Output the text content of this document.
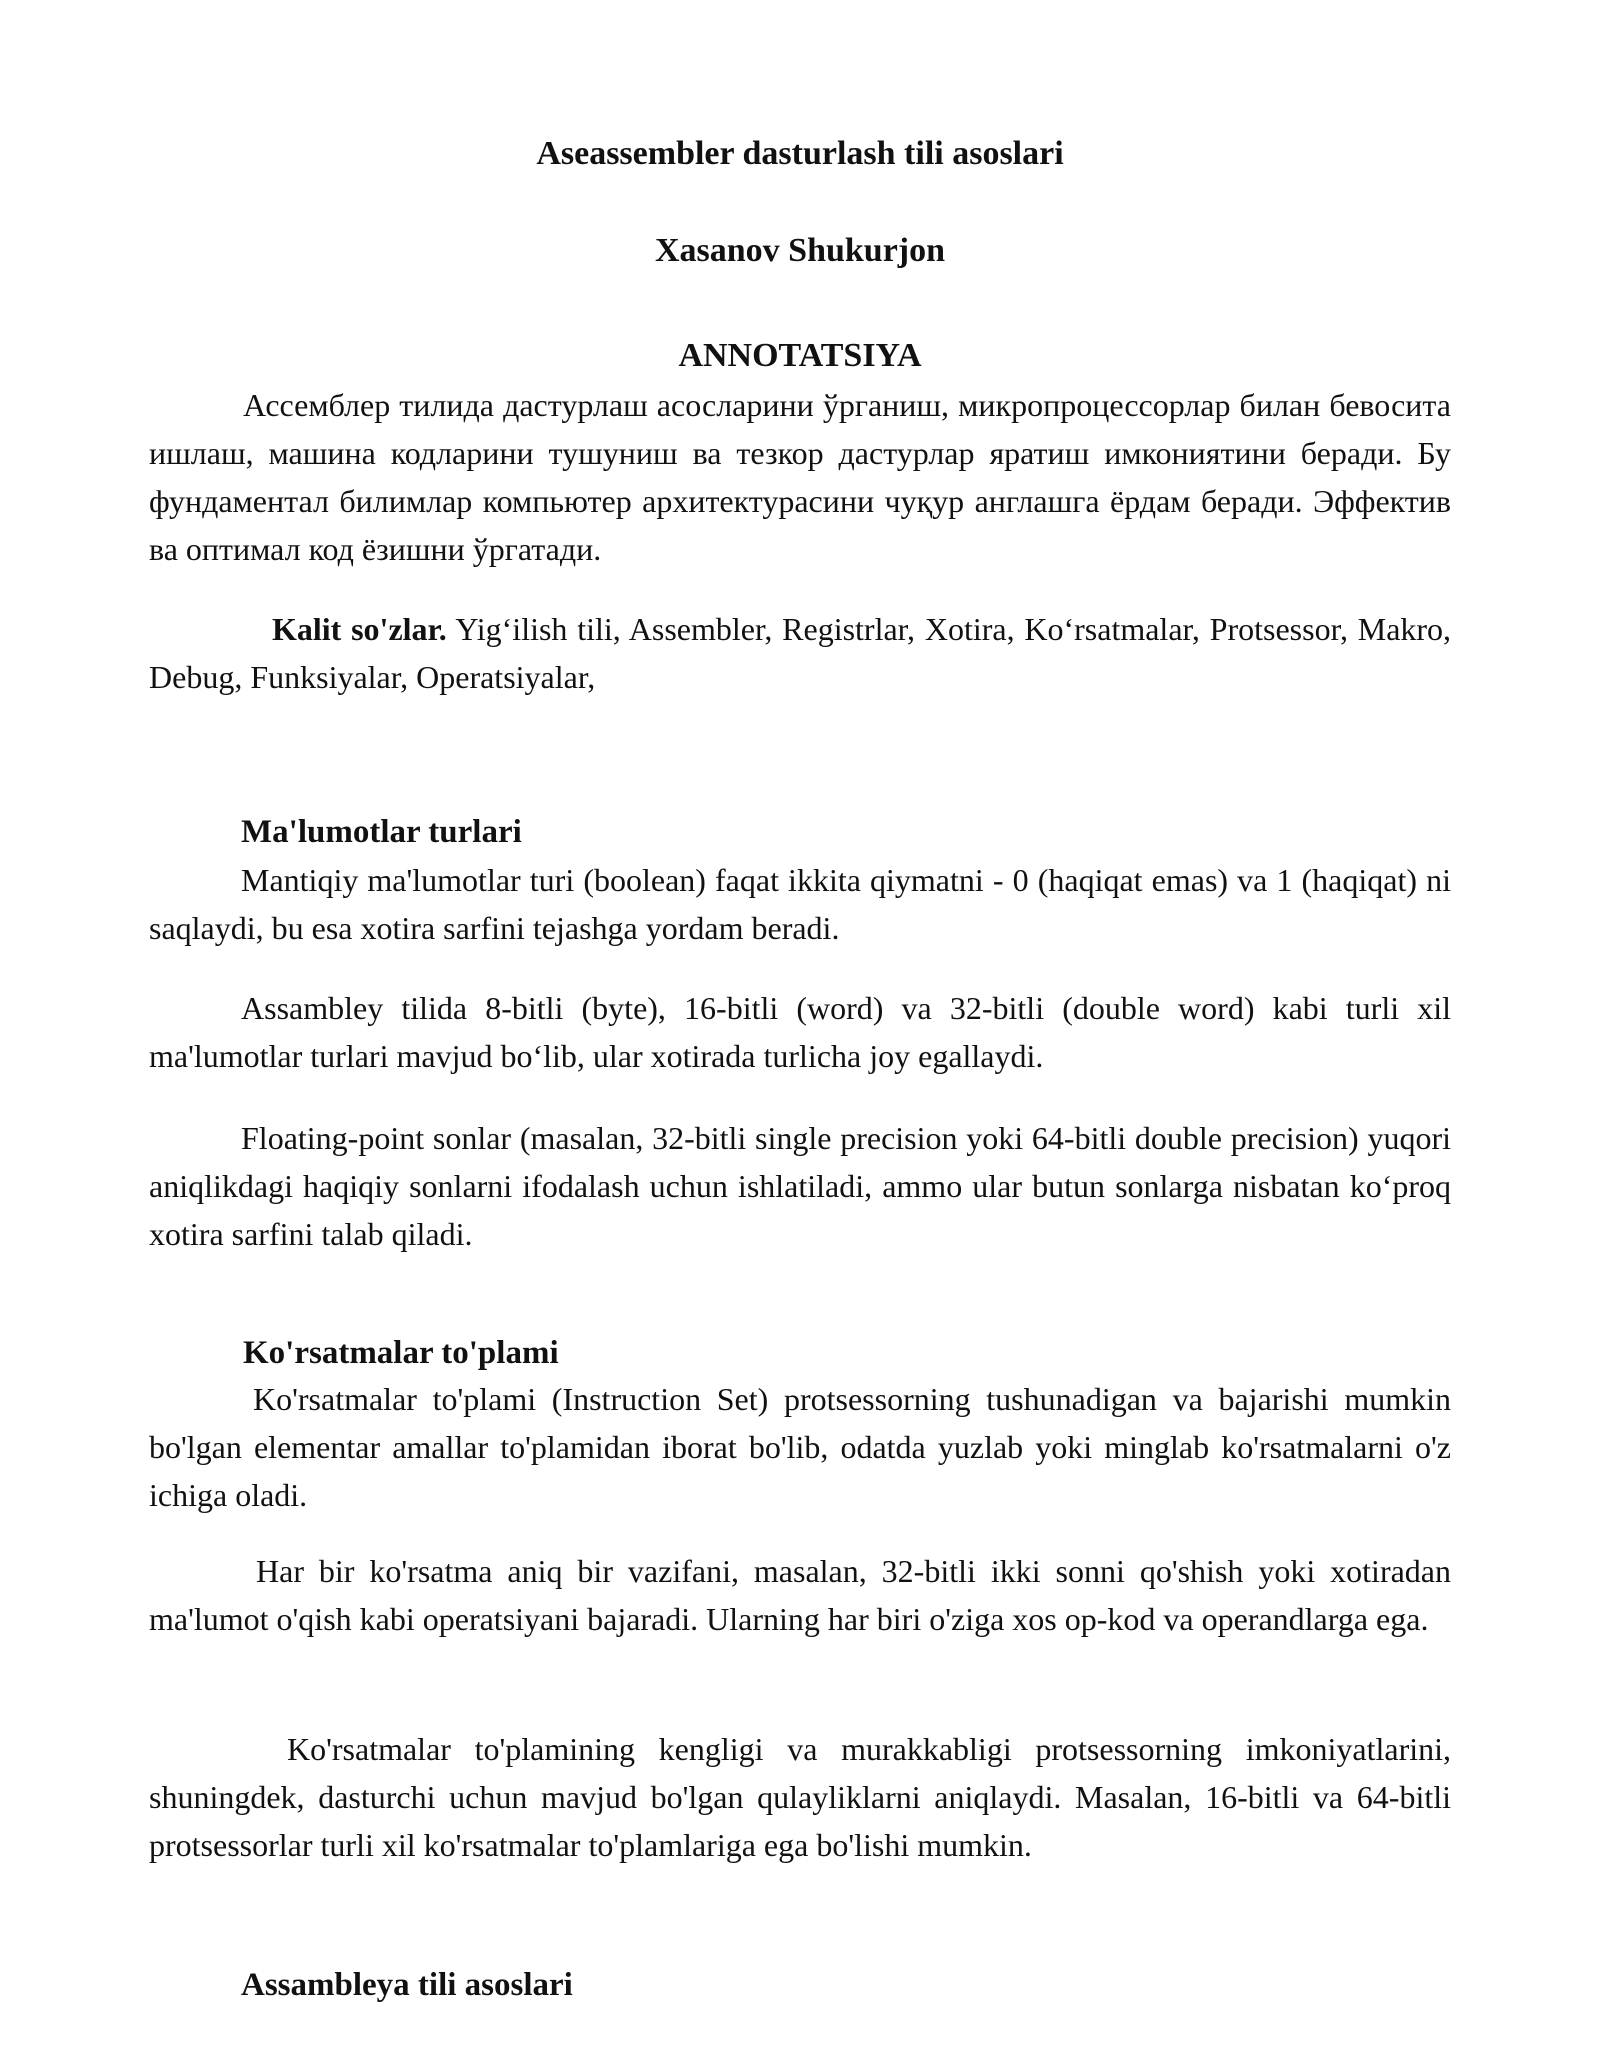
Aseassembler dasturlash tili asoslari
Xasanov Shukurjon
ANNOTATSIYA

Ассемблер тилида дастурлаш асосларини ўрганиш, микропроцессорлар билан бевосита ишлаш, машина кодларини тушуниш ва тезкор дастурлар яратиш имкониятини беради. Бу фундаментал билимлар компьютер архитектурасини чуқур англашга ёрдам беради. Эффектив ва оптимал код ёзишни ўргатади.

Kalit so'zlar. Yig‘ilish tili, Assembler, Registrlar, Xotira, Ko‘rsatmalar, Protsessor, Makro, Debug, Funksiyalar, Operatsiyalar,

Ma'lumotlar turlari

Mantiqiy ma'lumotlar turi (boolean) faqat ikkita qiymatni - 0 (haqiqat emas) va 1 (haqiqat) ni saqlaydi, bu esa xotira sarfini tejashga yordam beradi.

Assambley tilida 8-bitli (byte), 16-bitli (word) va 32-bitli (double word) kabi turli xil ma'lumotlar turlari mavjud bo‘lib, ular xotirada turlicha joy egallaydi.

Floating-point sonlar (masalan, 32-bitli single precision yoki 64-bitli double precision) yuqori aniqlikdagi haqiqiy sonlarni ifodalash uchun ishlatiladi, ammo ular butun sonlarga nisbatan ko‘proq xotira sarfini talab qiladi.

Ko'rsatmalar to'plami

Ko'rsatmalar to'plami (Instruction Set) protsessorning tushunadigan va bajarishi mumkin bo'lgan elementar amallar to'plamidan iborat bo'lib, odatda yuzlab yoki minglab ko'rsatmalarni o'z ichiga oladi.

Har bir ko'rsatma aniq bir vazifani, masalan, 32-bitli ikki sonni qo'shish yoki xotiradan ma'lumot o'qish kabi operatsiyani bajaradi. Ularning har biri o'ziga xos op-kod va operandlarga ega.

Ko'rsatmalar to'plamining kengligi va murakkabligi protsessorning imkoniyatlarini, shuningdek, dasturchi uchun mavjud bo'lgan qulayliklarni aniqlaydi. Masalan, 16-bitli va 64-bitli protsessorlar turli xil ko'rsatmalar to'plamlariga ega bo'lishi mumkin.

Assambleya tili asoslari
